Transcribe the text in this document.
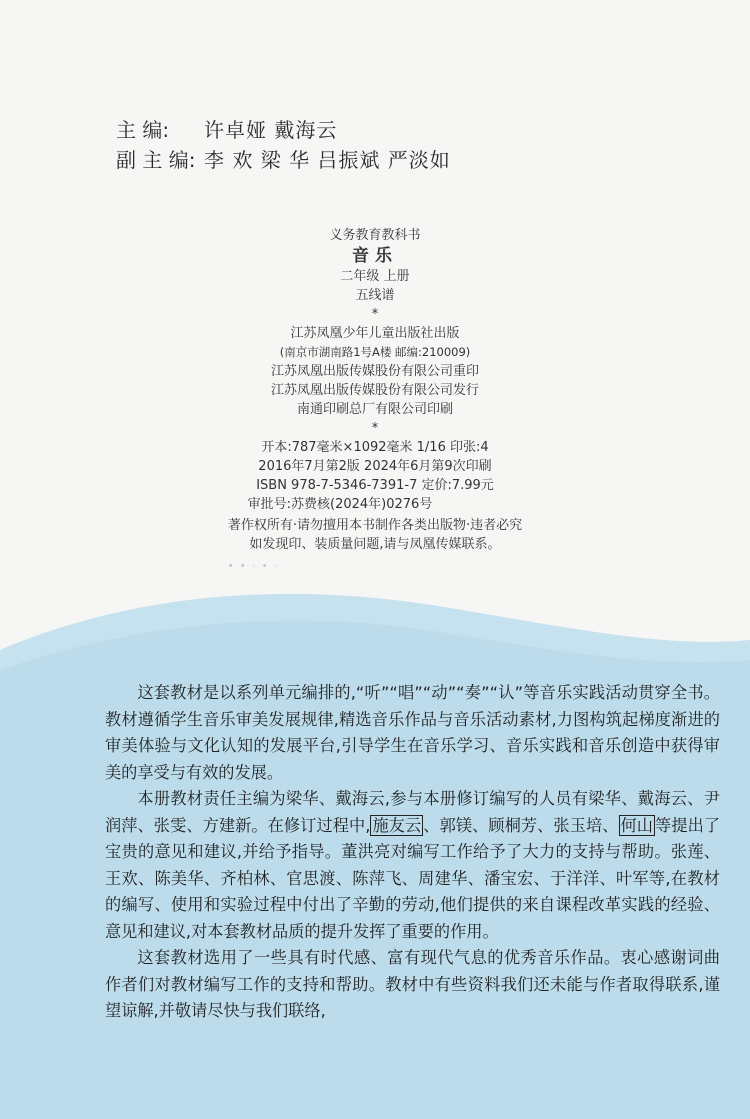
主 编:	许卓娅 戴海云
副 主 编: 李 欢 梁 华 吕振斌 严淡如
义务教育教科书
音乐
二年级 上册
五线谱
*
江苏凤凰少年儿童出版社出版
(南京市湖南路1号A楼 邮编:210009)
江苏凤凰出版传媒股份有限公司重印
江苏凤凰出版传媒股份有限公司发行
南通印刷总厂有限公司印刷
*
开本:787毫米×1092毫米 1/16 印张:4
2016年7月第2版 2024年6月第9次印刷
ISBN 978-7-5346-7391-7 定价:7.99元
审批号:苏费核(2024年)0276号
著作权所有·请勿擅用本书制作各类出版物·违者必究
如发现印、装质量问题,请与凤凰传媒联系。
• • · • ·

这套教材是以系列单元编排的,“听”“唱”“动”“奏”“认”等音乐实践活动贯穿全书。教材遵循学生音乐审美发展规律,精选音乐作品与音乐活动素材,力图构筑起梯度渐进的审美体验与文化认知的发展平台,引导学生在音乐学习、音乐实践和音乐创造中获得审美的享受与有效的发展。

本册教材责任主编为梁华、戴海云,参与本册修订编写的人员有梁华、戴海云、尹润萍、张雯、方建新。在修订过程中, 施友云 、郭镁、顾桐芳、张玉培、 何山 等提出了宝贵的意见和建议,并给予指导。董洪亮对编写工作给予了大力的支持与帮助。张莲、王欢、陈美华、齐柏林、官思渡、陈萍飞、周建华、潘宝宏、于洋洋、叶军等,在教材的编写、使用和实验过程中付出了辛勤的劳动,他们提供的来自课程改革实践的经验、意见和建议,对本套教材品质的提升发挥了重要的作用。

这套教材选用了一些具有时代感、富有现代气息的优秀音乐作品。衷心感谢词曲作者们对教材编写工作的支持和帮助。教材中有些资料我们还未能与作者取得联系,谨望谅解,并敬请尽快与我们联络,
